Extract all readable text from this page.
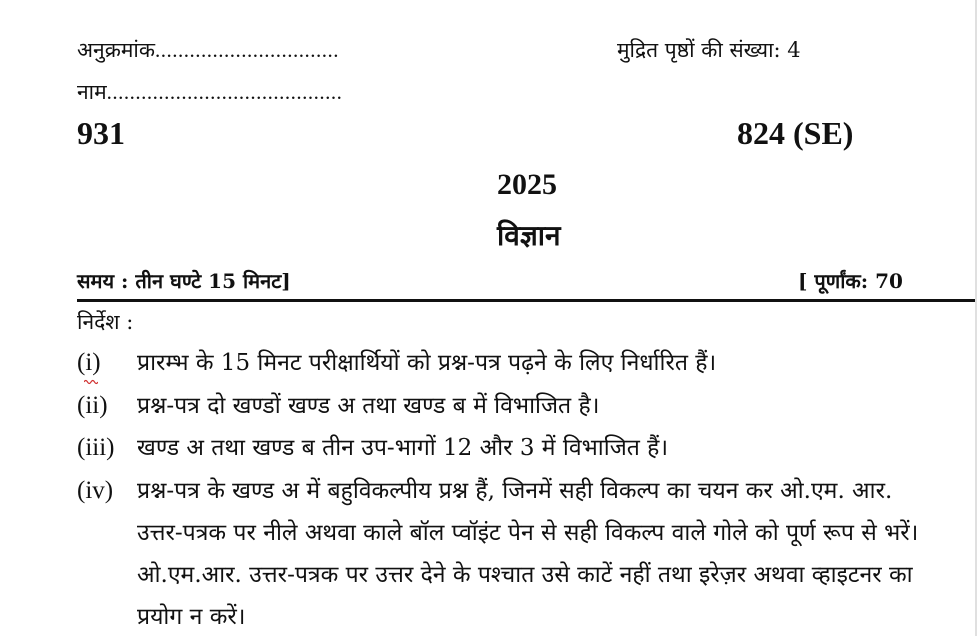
अनुक्रमांक................................	मुद्रित पृष्ठों की संख्या: 4
नाम.........................................
931	824 (SE)
2025
विज्ञान
समय : तीन घण्टे 15 मिनट]	[ पूर्णांक: 70
निर्देश :
(i)	प्रारम्भ के 15 मिनट परीक्षार्थियों को प्रश्न-पत्र पढ़ने के लिए निर्धारित हैं।
(ii)	प्रश्न-पत्र दो खण्डों खण्ड अ तथा खण्ड ब में विभाजित है।
(iii) खण्ड अ तथा खण्ड ब तीन उप-भागों 12 और 3 में विभाजित हैं।
(iv)	प्रश्न-पत्र के खण्ड अ में बहुविकल्पीय प्रश्न हैं, जिनमें सही विकल्प का चयन कर ओ.एम. आर. उत्तर-पत्रक पर नीले अथवा काले बॉल प्वॉइंट पेन से सही विकल्प वाले गोले को पूर्ण रूप से भरें। ओ.एम.आर. उत्तर-पत्रक पर उत्तर देने के पश्चात उसे काटें नहीं तथा इरेज़र अथवा व्हाइटनर का प्रयोग न करें।
